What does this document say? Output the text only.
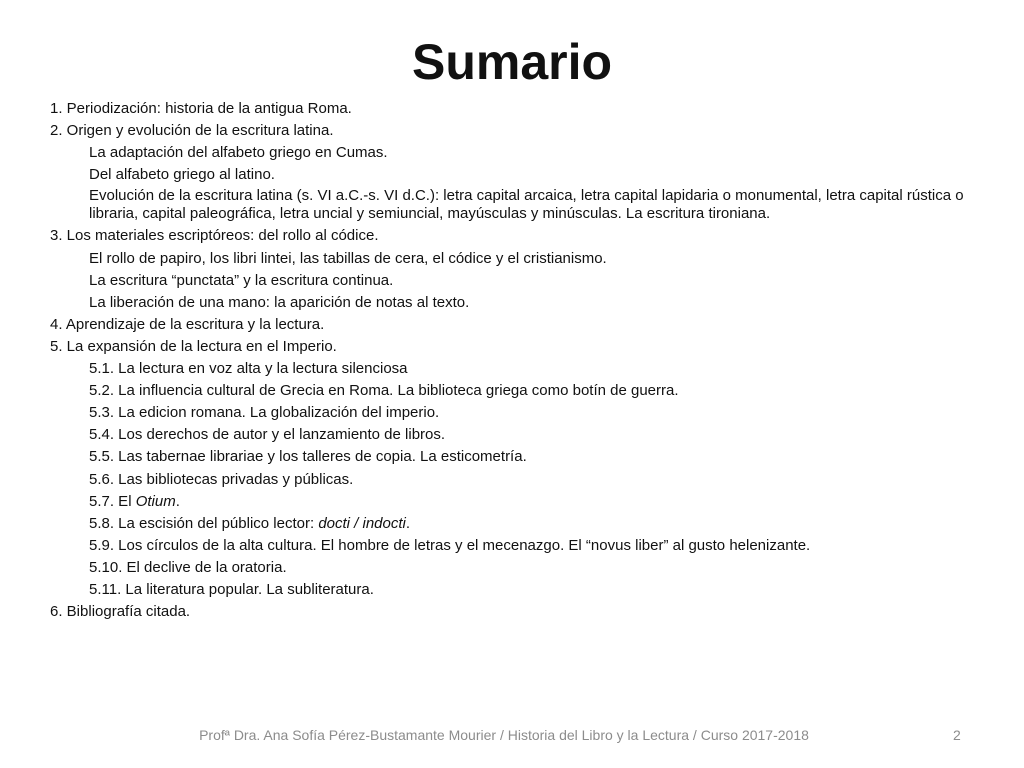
Sumario
1. Periodización: historia de la antigua Roma.
2. Origen y evolución de la escritura latina.
La adaptación del alfabeto griego en Cumas.
Del alfabeto griego al latino.
Evolución de la escritura latina (s. VI a.C.-s. VI d.C.): letra capital arcaica, letra capital lapidaria o monumental, letra capital rústica o libraria, capital paleográfica, letra uncial y semiuncial, mayúsculas y minúsculas. La escritura tironiana.
3. Los materiales escriptóreos: del rollo al códice.
El rollo de papiro, los libri lintei, las tabillas de cera, el códice y el cristianismo.
La escritura “punctata” y la escritura continua.
La liberación de una mano: la aparición de notas al texto.
4. Aprendizaje de la escritura y la lectura.
5. La expansión de la lectura en el Imperio.
5.1. La lectura en voz alta y la lectura silenciosa
5.2. La influencia cultural de Grecia en Roma. La biblioteca griega como botín de guerra.
5.3. La edicion romana. La globalización del imperio.
5.4. Los derechos de autor y el lanzamiento de libros.
5.5. Las tabernae librariae y los talleres de copia. La esticometría.
5.6. Las bibliotecas privadas y públicas.
5.7. El Otium.
5.8. La escisión del público lector: docti / indocti.
5.9. Los círculos de la alta cultura. El hombre de letras y el mecenazgo. El “novus liber” al gusto helenizante.
5.10. El declive de la oratoria.
5.11. La literatura popular. La subliteratura.
6. Bibliografía citada.
Profª Dra. Ana Sofía Pérez-Bustamante Mourier / Historia del Libro y la Lectura / Curso 2017-2018	2
